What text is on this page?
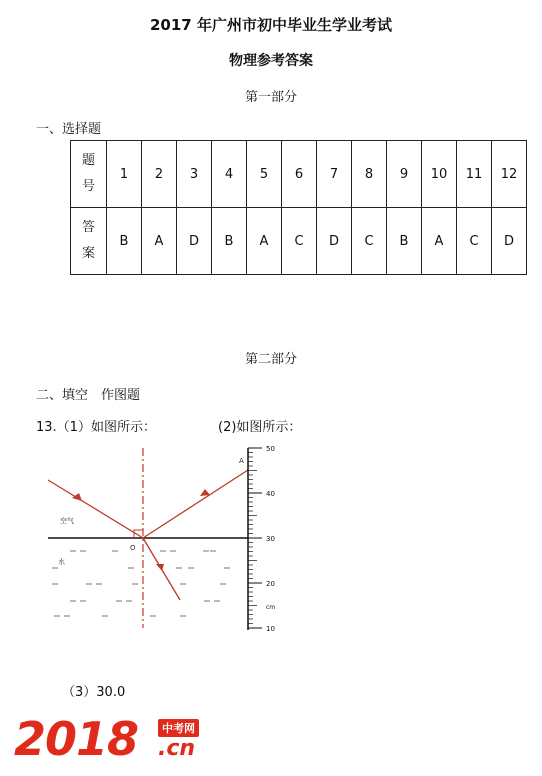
2017 年广州市初中毕业生学业考试
物理参考答案
第一部分
一、选择题
题
号	1	2	3	4	5	6	7	8	9	10	11	12

答
案	B	A	D	B	A	C	D	C	B	A	C	D
第二部分
二、填空　作图题
13.（1）如图所示：	(2)如图所示：
空气
水
O
A
50
40
30
20
cm
10
（3）30.0
2018	中考网
.cn
